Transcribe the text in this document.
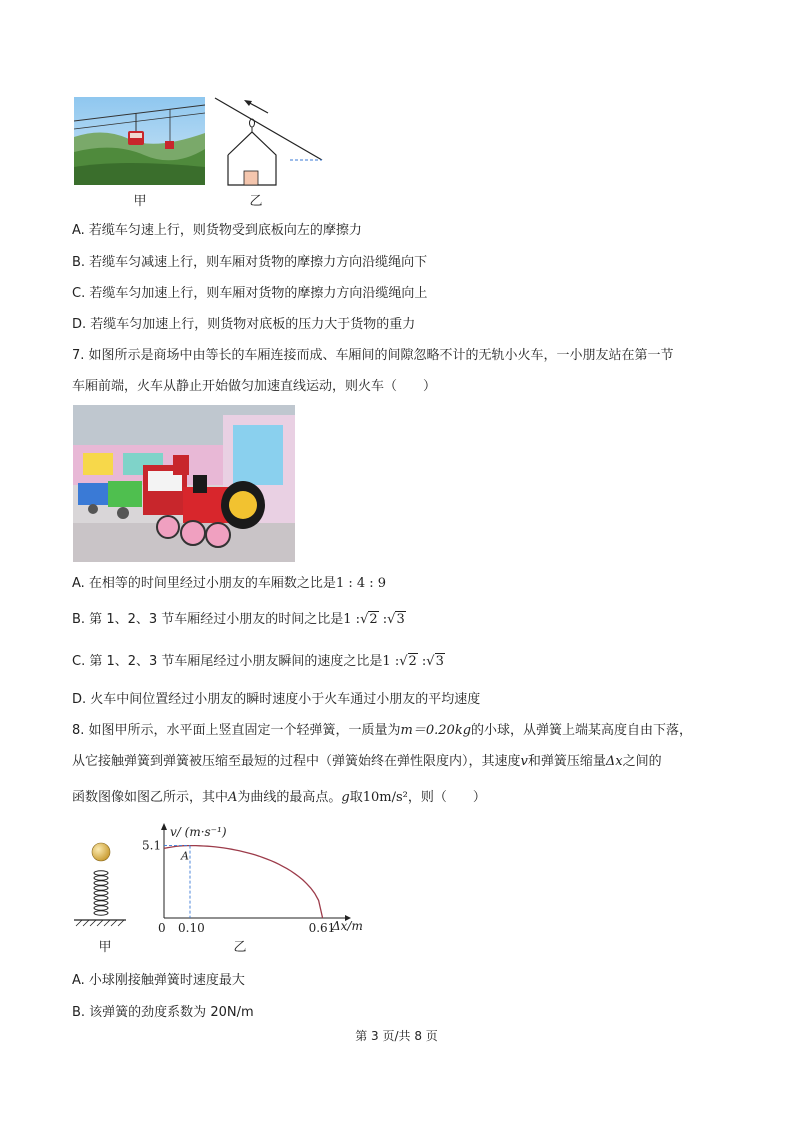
甲	乙
A. 若缆车匀速上行，则货物受到底板向左的摩擦力
B. 若缆车匀减速上行，则车厢对货物的摩擦力方向沿缆绳向下
C. 若缆车匀加速上行，则车厢对货物的摩擦力方向沿缆绳向上
D. 若缆车匀加速上行，则货物对底板的压力大于货物的重力
7. 如图所示是商场中由等长的车厢连接而成、车厢间的间隙忽略不计的无轨小火车，一小朋友站在第一节
车厢前端，火车从静止开始做匀加速直线运动，则火车（　　）
A. 在相等的时间里经过小朋友的车厢数之比是1 : 4 : 9
B. 第 1、2、3 节车厢经过小朋友的时间之比是1 :√2 :√3
C. 第 1、2、3 节车厢尾经过小朋友瞬间的速度之比是1 :√2 :√3
D. 火车中间位置经过小朋友的瞬时速度小于火车通过小朋友的平均速度
8. 如图甲所示，水平面上竖直固定一个轻弹簧，一质量为m＝0.20kg的小球，从弹簧上端某高度自由下落，
从它接触弹簧到弹簧被压缩至最短的过程中（弹簧始终在弹性限度内），其速度v和弹簧压缩量Δx之间的
函数图像如图乙所示，其中A为曲线的最高点。g取10m/s²，则（　　）
甲
v/ (m·s⁻¹)
Δx/m
0 0.10	0.61
5.1
A
乙
A. 小球刚接触弹簧时速度最大
B. 该弹簧的劲度系数为 20N/m
第 3 页/共 8 页
